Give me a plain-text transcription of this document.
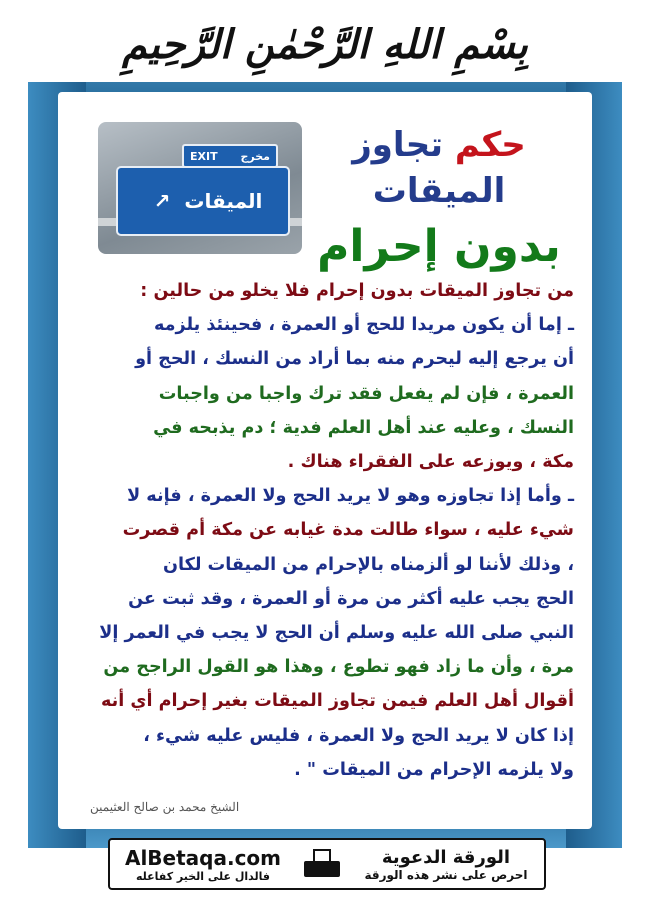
بِسْمِ اللهِ الرَّحْمٰنِ الرَّحِيمِ
EXIT مخرج
↗ الميقات
حكم تجاوز الميقات
بدون إحرام

من تجاوز الميقات بدون إحرام فلا يخلو من حالين :

ـ إما أن يكون مريدا للحج أو العمرة ، فحينئذ يلزمه

أن يرجع إليه ليحرم منه بما أراد من النسك ، الحج أو

العمرة ، فإن لم يفعل فقد ترك واجبا من واجبات

النسك ، وعليه عند أهل العلم فدية ؛ دم يذبحه في

مكة ، ويوزعه على الفقراء هناك .

ـ وأما إذا تجاوزه وهو لا يريد الحج ولا العمرة ، فإنه لا

شيء عليه ، سواء طالت مدة غيابه عن مكة أم قصرت

، وذلك لأننا لو ألزمناه بالإحرام من الميقات لكان

الحج يجب عليه أكثر من مرة أو العمرة ، وقد ثبت عن

النبي صلى الله عليه وسلم أن الحج لا يجب في العمر إلا

مرة ، وأن ما زاد فهو تطوع ، وهذا هو القول الراجح من

أقوال أهل العلم فيمن تجاوز الميقات بغير إحرام أي أنه

إذا كان لا يريد الحج ولا العمرة ، فليس عليه شيء ،

ولا يلزمه الإحرام من الميقات " .

الشيخ محمد بن صالح العثيمين
AlBetaqa.com
فالدال على الخير كفاعله
الورقة الدعوية
احرص على نشر هذه الورقة
